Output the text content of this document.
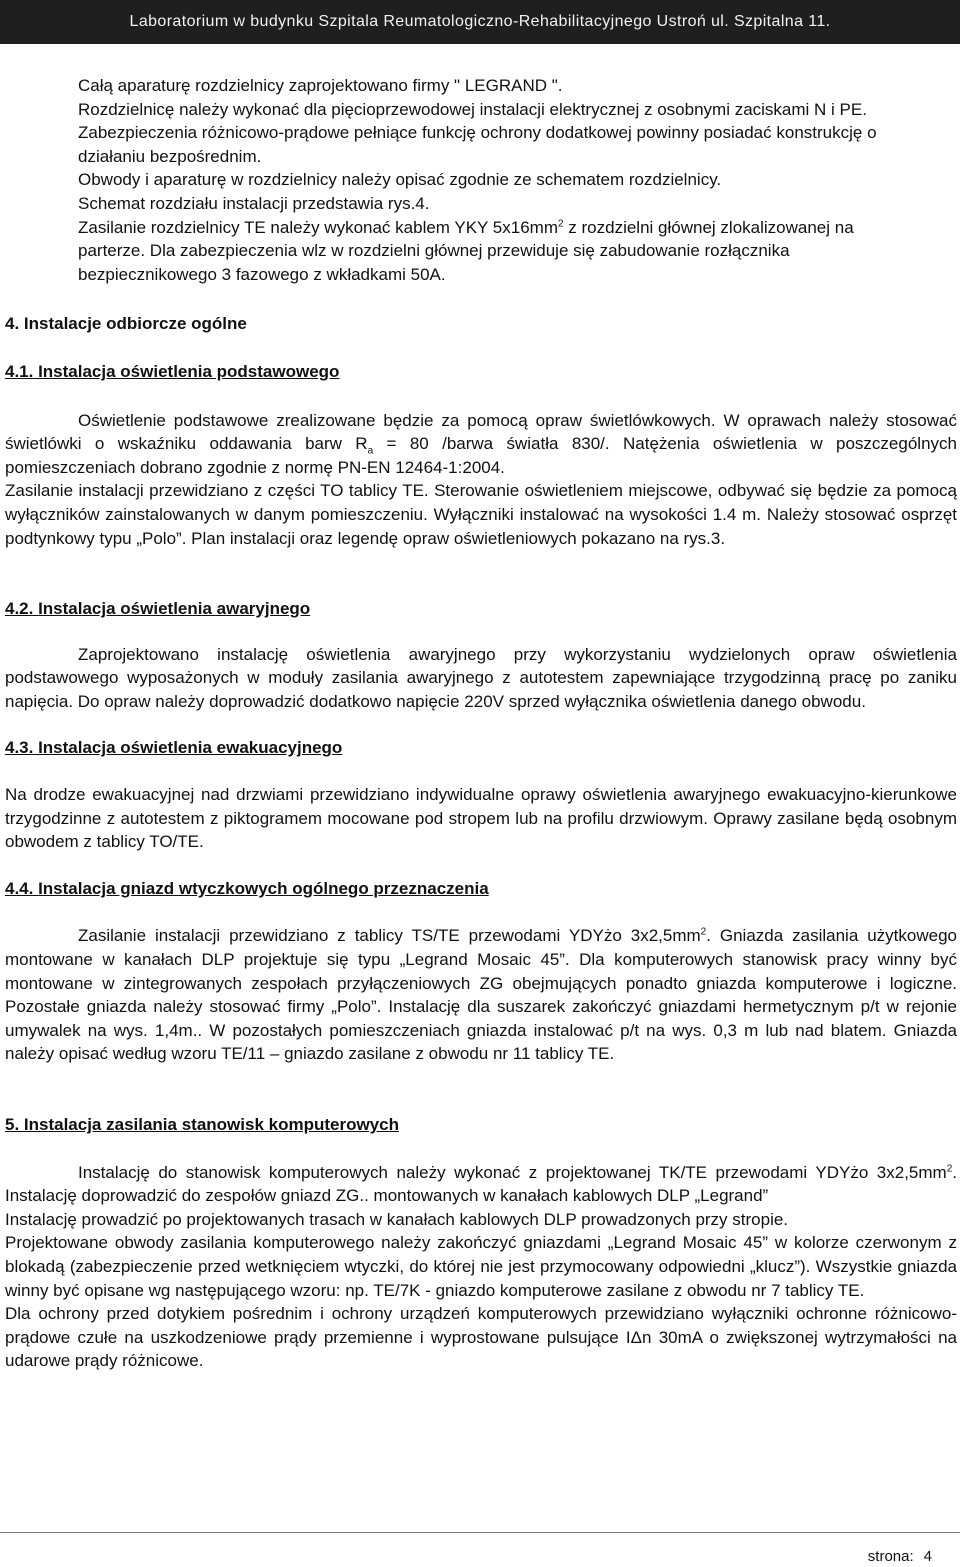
Laboratorium w budynku Szpitala Reumatologiczno-Rehabilitacyjnego Ustroń ul. Szpitalna 11.

Całą aparaturę rozdzielnicy zaprojektowano firmy " LEGRAND ".

Rozdzielnicę należy wykonać dla pięcioprzewodowej instalacji elektrycznej z osobnymi zaciskami N i PE.

Zabezpieczenia różnicowo-prądowe pełniące funkcję ochrony dodatkowej powinny posiadać konstrukcję o działaniu bezpośrednim.

Obwody i aparaturę w rozdzielnicy należy opisać zgodnie ze schematem rozdzielnicy.

Schemat rozdziału instalacji przedstawia rys.4.

Zasilanie rozdzielnicy TE należy wykonać kablem YKY $5x16mm^2$ z rozdzielni głównej zlokalizowanej na parterze. Dla zabezpieczenia wlz w rozdzielni głównej przewiduje się zabudowanie rozłącznika bezpiecznikowego 3 fazowego z wkładkami 50A.

4. Instalacje odbiorcze ogólne

4.1. Instalacja oświetlenia podstawowego

Oświetlenie podstawowe zrealizowane będzie za pomocą opraw świetlówkowych. W oprawach należy stosować świetlówki o wskaźniku oddawania barw $R_a = 80$ /barwa światła 830/. Natężenia oświetlenia w poszczególnych pomieszczeniach dobrano zgodnie z normę PN-EN 12464-1:2004.

Zasilanie instalacji przewidziano z części TO tablicy TE. Sterowanie oświetleniem miejscowe, odbywać się będzie za pomocą wyłączników zainstalowanych w danym pomieszczeniu. Wyłączniki instalować na wysokości 1.4 m. Należy stosować osprzęt podtynkowy typu „Polo”. Plan instalacji oraz legendę opraw oświetleniowych pokazano na rys.3.

4.2. Instalacja oświetlenia awaryjnego

Zaprojektowano instalację oświetlenia awaryjnego przy wykorzystaniu wydzielonych opraw oświetlenia podstawowego wyposażonych w moduły zasilania awaryjnego z autotestem zapewniające trzygodzinną pracę po zaniku napięcia. Do opraw należy doprowadzić dodatkowo napięcie 220V sprzed wyłącznika oświetlenia danego obwodu.

4.3. Instalacja oświetlenia ewakuacyjnego

Na drodze ewakuacyjnej nad drzwiami przewidziano indywidualne oprawy oświetlenia awaryjnego ewakuacyjno-kierunkowe trzygodzinne z autotestem z piktogramem mocowane pod stropem lub na profilu drzwiowym. Oprawy zasilane będą osobnym obwodem z tablicy TO/TE.

4.4. Instalacja gniazd wtyczkowych ogólnego przeznaczenia

Zasilanie instalacji przewidziano z tablicy TS/TE przewodami YDYżo $3x2,5mm^2$. Gniazda zasilania użytkowego montowane w kanałach DLP projektuje się typu „Legrand Mosaic 45”. Dla komputerowych stanowisk pracy winny być montowane w zintegrowanych zespołach przyłączeniowych ZG obejmujących ponadto gniazda komputerowe i logiczne. Pozostałe gniazda należy stosować firmy „Polo”. Instalację dla suszarek zakończyć gniazdami hermetycznym p/t w rejonie umywalek na wys. 1,4m.. W pozostałych pomieszczeniach gniazda instalować p/t na wys. 0,3 m lub nad blatem. Gniazda należy opisać według wzoru TE/11 – gniazdo zasilane z obwodu nr 11 tablicy TE.

5. Instalacja zasilania stanowisk komputerowych

Instalację do stanowisk komputerowych należy wykonać z projektowanej TK/TE przewodami YDYżo $3x2,5mm^2$. Instalację doprowadzić do zespołów gniazd ZG.. montowanych w kanałach kablowych DLP „Legrand”

Instalację prowadzić po projektowanych trasach w kanałach kablowych DLP prowadzonych przy stropie.

Projektowane obwody zasilania komputerowego należy zakończyć gniazdami „Legrand Mosaic 45” w kolorze czerwonym z blokadą (zabezpieczenie przed wetknięciem wtyczki, do której nie jest przymocowany odpowiedni „klucz”). Wszystkie gniazda winny być opisane wg następującego wzoru: np. TE/7K - gniazdo komputerowe zasilane z obwodu nr 7 tablicy TE.

Dla ochrony przed dotykiem pośrednim i ochrony urządzeń komputerowych przewidziano wyłączniki ochronne różnicowo-prądowe czułe na uszkodzeniowe prądy przemienne i wyprostowane pulsujące IΔn 30mA o zwiększonej wytrzymałości na udarowe prądy różnicowe.

strona: 4
